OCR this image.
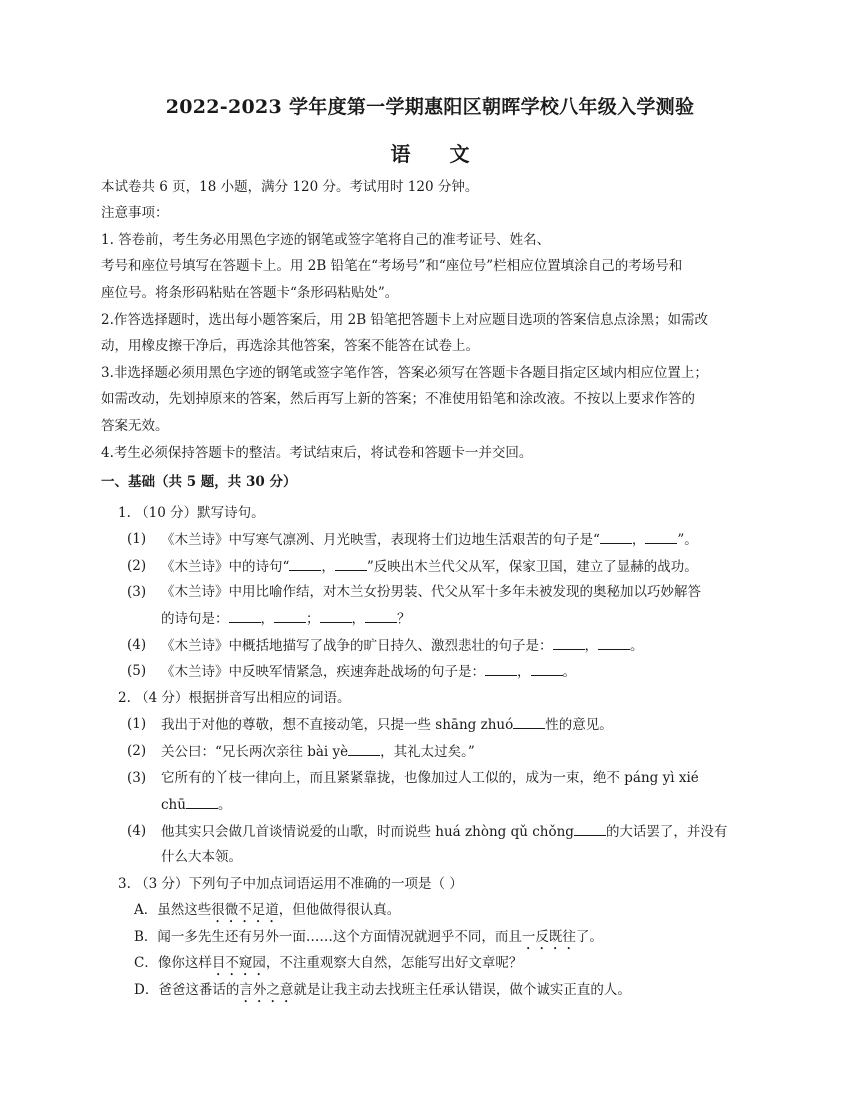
2022-2023 学年度第一学期惠阳区朝晖学校八年级入学测验
语 文
本试卷共 6 页，18 小题，满分 120 分。考试用时 120 分钟。
注意事项：
1. 答卷前，考生务必用黑色字迹的钢笔或签字笔将自己的准考证号、姓名、
考号和座位号填写在答题卡上。用 2B 铅笔在“考场号”和“座位号”栏相应位置填涂自己的考场号和
座位号。将条形码粘贴在答题卡“条形码粘贴处”。
2.作答选择题时，选出每小题答案后，用 2B 铅笔把答题卡上对应题目选项的答案信息点涂黑；如需改
动，用橡皮擦干净后，再选涂其他答案，答案不能答在试卷上。
3.非选择题必须用黑色字迹的钢笔或签字笔作答，答案必须写在答题卡各题目指定区域内相应位置上；
如需改动，先划掉原来的答案，然后再写上新的答案；不准使用铅笔和涂改液。不按以上要求作答的
答案无效。
4.考生必须保持答题卡的整洁。考试结束后，将试卷和答题卡一并交回。
一、基础（共 5 题，共 30 分）
1. （10 分）默写诗句。
(1) 《木兰诗》中写寒气凛冽、月光映雪，表现将士们边地生活艰苦的句子是“ ， ”。
(2) 《木兰诗》中的诗句“ ， ”反映出木兰代父从军，保家卫国，建立了显赫的战功。
(3) 《木兰诗》中用比喻作结，对木兰女扮男装、代父从军十多年未被发现的奥秘加以巧妙解答
的诗句是： ， ； ， ？
(4) 《木兰诗》中概括地描写了战争的旷日持久、激烈悲壮的句子是： ， 。
(5) 《木兰诗》中反映军情紧急，疾速奔赴战场的句子是： ， 。
2. （4 分）根据拼音写出相应的词语。
(1) 我出于对他的尊敬，想不直接动笔，只提一些 shāng zhuó 性的意见。
(2) 关公曰：“兄长两次亲往 bài yè ，其礼太过矣。”
(3) 它所有的丫枝一律向上，而且紧紧靠拢，也像加过人工似的，成为一束，绝不 páng yì xié
chū 。
(4) 他其实只会做几首谈情说爱的山歌，时而说些 huá zhòng qǔ chǒng 的大话罢了，并没有
什么大本领。
3. （3 分）下列句子中加点词语运用不准确的一项是（ ）
A．虽然这些很微不足道，但他做得很认真。
B．闻一多先生还有另外一面……这个方面情况就迥乎不同，而且一反既往了。
C．像你这样目不窥园，不注重观察大自然，怎能写出好文章呢？
D．爸爸这番话的言外之意就是让我主动去找班主任承认错误，做个诚实正直的人。
